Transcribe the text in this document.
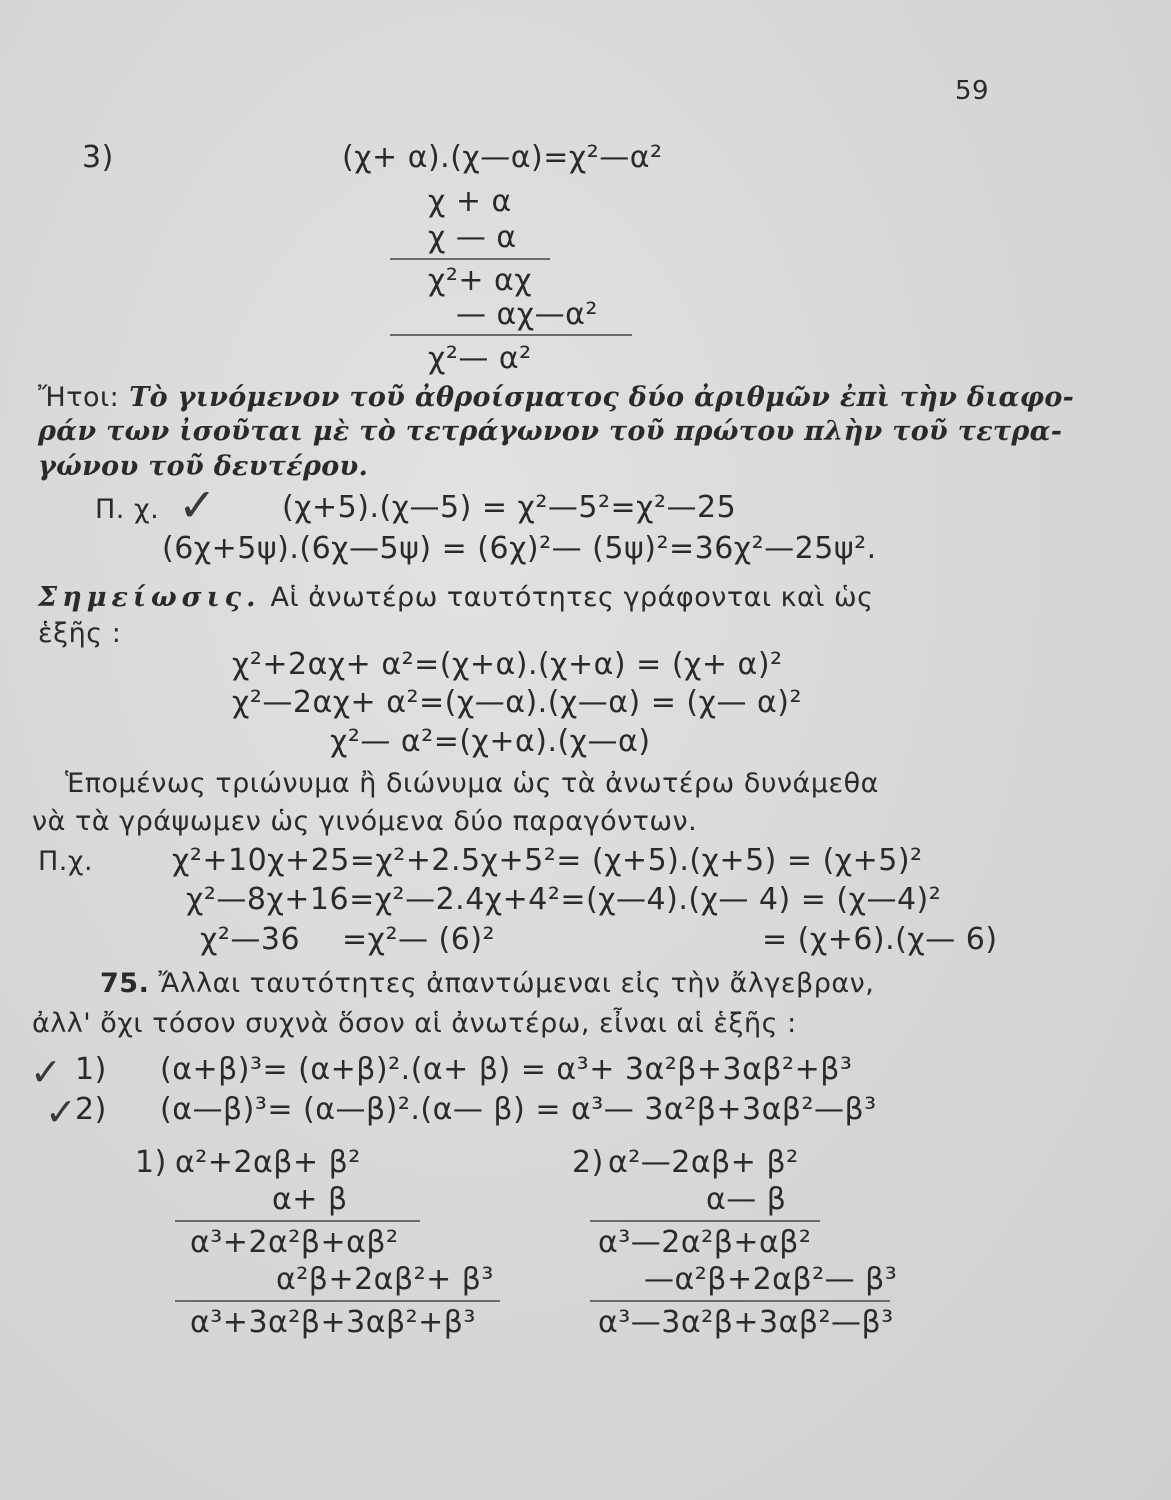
59
3)	(χ+ α).(χ—α)=χ²—α²
χ + α
χ — α
χ²+ αχ
— αχ—α²
χ²— α²
Ἤτοι: Τὸ γινόμενον τοῦ ἀθροίσματος δύο ἀριθμῶν ἐπὶ τὴν διαφο-
ράν των ἰσοῦται μὲ τὸ τετράγωνον τοῦ πρώτου πλὴν τοῦ τετρα-
γώνου τοῦ δευτέρου.
Π. χ. ✓ (χ+5).(χ—5) = χ²—5²=χ²—25
(6χ+5ψ).(6χ—5ψ) = (6χ)²— (5ψ)²=36χ²—25ψ².
Σημείωσις. Αἱ ἀνωτέρω ταυτότητες γράφονται καὶ ὡς
ἑξῆς :
χ²+2αχ+ α²=(χ+α).(χ+α) = (χ+ α)²
χ²—2αχ+ α²=(χ—α).(χ—α) = (χ— α)²
χ²— α²=(χ+α).(χ—α)
Ἑπομένως τριώνυμα ἢ διώνυμα ὡς τὰ ἀνωτέρω δυνάμεθα
νὰ τὰ γράψωμεν ὡς γινόμενα δύο παραγόντων.
Π.χ.	χ²+10χ+25=χ²+2.5χ+5²= (χ+5).(χ+5) = (χ+5)²
χ²—8χ+16=χ²—2.4χ+4²=(χ—4).(χ— 4) = (χ—4)²
χ²—36 =χ²— (6)²	= (χ+6).(χ— 6)
75. Ἄλλαι ταυτότητες ἀπαντώμεναι εἰς τὴν ἄλγεβραν,
ἀλλ' ὄχι τόσον συχνὰ ὅσον αἱ ἀνωτέρω, εἶναι αἱ ἑξῆς :
✓ 1) (α+β)³= (α+β)².(α+ β) = α³+ 3α²β+3αβ²+β³
✓
2) (α—β)³= (α—β)².(α— β) = α³— 3α²β+3αβ²—β³
1) α²+2αβ+ β²
α+ β
α³+2α²β+αβ²
α²β+2αβ²+ β³
α³+3α²β+3αβ²+β³
2) α²—2αβ+ β²
α— β
α³—2α²β+αβ²
—α²β+2αβ²— β³
α³—3α²β+3αβ²—β³
